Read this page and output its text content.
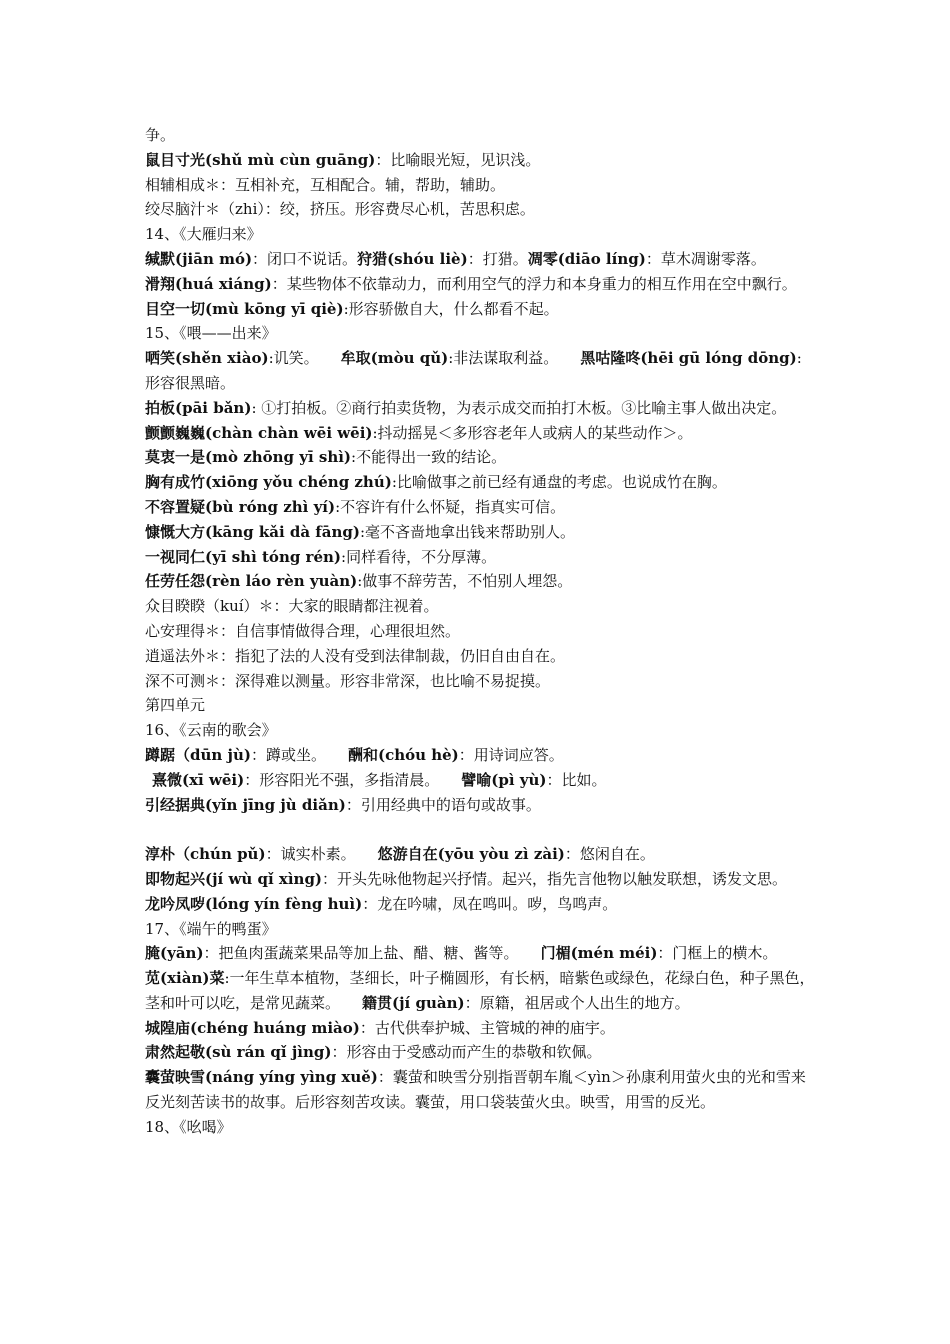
争。
鼠目寸光(shǔ mù cùn guāng)：比喻眼光短，见识浅。
相辅相成＊：互相补充，互相配合。辅，帮助，辅助。
绞尽脑汁＊（zhi）：绞，挤压。形容费尽心机，苦思积虑。
14、《大雁归来》
缄默(jiān mó)：闭口不说话。狩猎(shóu liè)：打猎。凋零(diāo líng)：草木凋谢零落。
滑翔(huá xiáng)：某些物体不依靠动力，而利用空气的浮力和本身重力的相互作用在空中飘行。
目空一切(mù kōng yī qiè):形容骄傲自大，什么都看不起。
15、《喂——出来》
哂笑(shěn xiào):讥笑。 牟取(mòu qǔ):非法谋取利益。 黑咕隆咚(hēi gū lóng dōng):形容很黑暗。
拍板(pāi bǎn): ①打拍板。②商行拍卖货物，为表示成交而拍打木板。③比喻主事人做出决定。
颤颤巍巍(chàn chàn wēi wēi):抖动摇晃＜多形容老年人或病人的某些动作＞。
莫衷一是(mò zhōng yī shì):不能得出一致的结论。
胸有成竹(xiōng yǒu chéng zhú):比喻做事之前已经有通盘的考虑。也说成竹在胸。
不容置疑(bù róng zhì yí):不容许有什么怀疑，指真实可信。
慷慨大方(kāng kǎi dà fāng):毫不吝啬地拿出钱来帮助别人。
一视同仁(yī shì tóng rén):同样看待，不分厚薄。
任劳任怨(rèn láo rèn yuàn):做事不辞劳苦，不怕别人埋怨。
众目睽睽（kuí）＊：大家的眼睛都注视着。
心安理得＊：自信事情做得合理，心理很坦然。
逍遥法外＊：指犯了法的人没有受到法律制裁，仍旧自由自在。
深不可测＊：深得难以测量。形容非常深，也比喻不易捉摸。
第四单元
16、《云南的歌会》
蹲踞（dūn jù)：蹲或坐。 酬和(chóu hè)：用诗词应答。
熹微(xī wēi)：形容阳光不强，多指清晨。 譬喻(pì yù)：比如。
引经据典(yǐn jīng jù diǎn)：引用经典中的语句或故事。
淳朴（chún pǔ)：诚实朴素。 悠游自在(yōu yòu zì zài)：悠闲自在。
即物起兴(jí wù qǐ xìng)：开头先咏他物起兴抒情。起兴，指先言他物以触发联想，诱发文思。
龙吟凤哕(lóng yín fèng huì)：龙在吟啸，凤在鸣叫。哕，鸟鸣声。
17、《端午的鸭蛋》
腌(yān)：把鱼肉蛋蔬菜果品等加上盐、醋、糖、酱等。 门楣(mén méi)：门框上的横木。
苋(xiàn)菜:一年生草本植物，茎细长，叶子椭圆形，有长柄，暗紫色或绿色，花绿白色，种子黑色，茎和叶可以吃，是常见蔬菜。 籍贯(jí guàn)：原籍，祖居或个人出生的地方。
城隍庙(chéng huáng miào)：古代供奉护城、主管城的神的庙宇。
肃然起敬(sù rán qǐ jìng)：形容由于受感动而产生的恭敬和钦佩。
囊萤映雪(náng yíng yìng xuě)：囊萤和映雪分别指晋朝车胤＜yìn＞孙康利用萤火虫的光和雪来反光刻苦读书的故事。后形容刻苦攻读。囊萤，用口袋装萤火虫。映雪，用雪的反光。
18、《吆喝》
